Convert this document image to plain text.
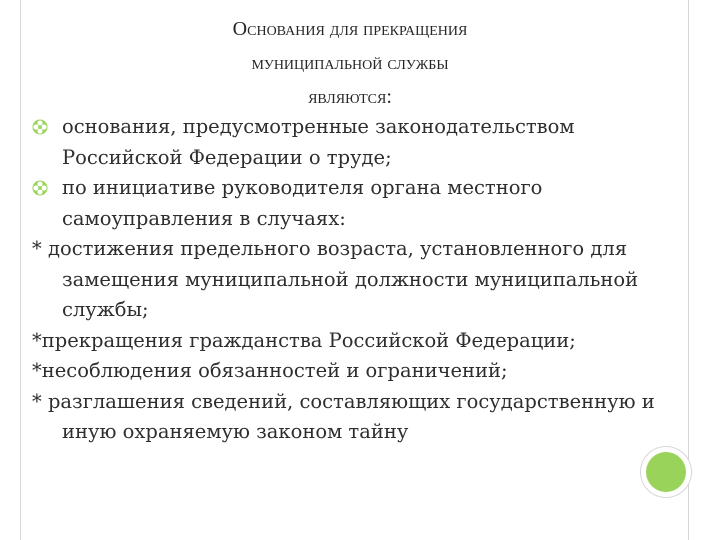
Основания для прекращения
муниципальной службы
являются:
основания, предусмотренные законодательством Российской Федерации о труде;
по инициативе руководителя органа местного самоуправления в случаях:
* достижения предельного возраста, установленного для замещения муниципальной должности муниципальной службы;
*прекращения гражданства Российской Федерации;
*несоблюдения обязанностей и ограничений;
* разглашения сведений, составляющих государственную и иную охраняемую законом тайну
